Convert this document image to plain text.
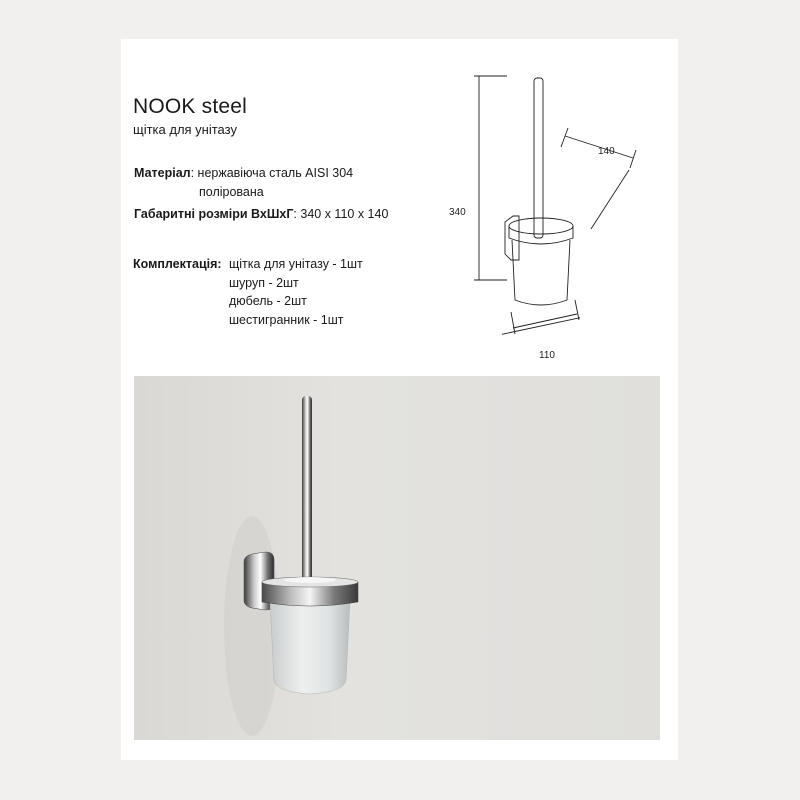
NOOK steel
щітка для унітазу
Матеріал: нержавіюча сталь AISI 304
полірована
Габаритні розміри ВхШхГ: 340 х 110 х 140
Комплектація: щітка для унітазу - 1шт
шуруп - 2шт
дюбель - 2шт
шестигранник - 1шт
340
140
110
